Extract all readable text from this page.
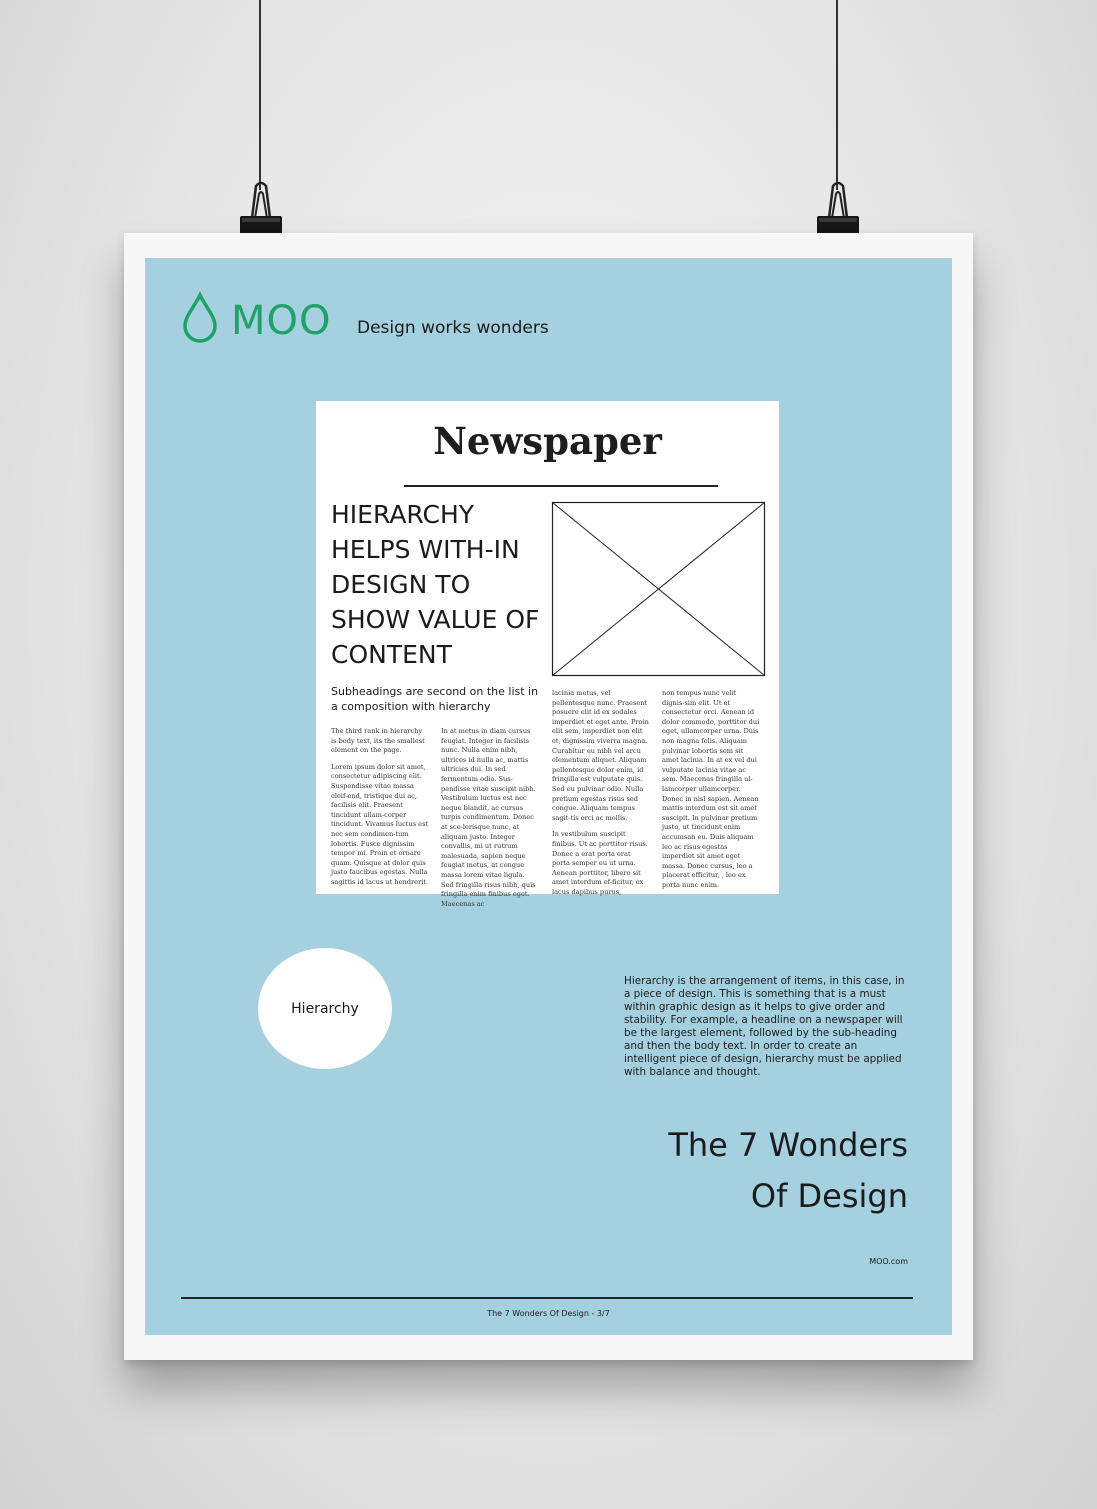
MOO Design works wonders
Newspaper
HIERARCHY HELPS WITH-IN DESIGN TO SHOW VALUE OF CONTENT
Subheadings are second on the list in a composition with hierarchy

The third rank in hierarchy is body text, its the smallest element on the page.

Lorem ipsum dolor sit amet, consectetur adipiscing elit. Suspendisse vitae massa eleif-end, tristique dui ac, facilisis elit. Praesent tincidunt ullam-corper tincidunt. Vivamus luctus est nec sem condimen-tum lobortis. Fusce dignissim tempor mi. Proin et ornare quam. Quisque at dolor quis justo faucibus egestas. Nulla sagittis id lacus ut hendrerit.

In at metus in diam cursus feugiat. Integer in facilisis nunc. Nulla enim nibh, ultrices id nulla ac, mattis ultricies dui. In sed fermentum odio. Sus-pendisse vitae suscipit nibh. Vestibulum luctus est nec neque blandit, ac cursus turpis condimentum. Donec at sce-lerisque nunc, at aliquam justo. Integer convallis, mi ut rutrum malesuada, sapien neque feugiat metus, at congue massa lorem vitae ligula. Sed fringilla risus nibh, quis fringilla enim finibus eget. Maecenas ac

lacinia metus, vel pellentesque nunc. Praesent posuere elit id ex sodales imperdiet et eget ante. Proin elit sem, imperdiet non elit et, dignissim viverra magna. Curabitur eu nibh vel arcu elementum aliquet. Aliquam pellentesque dolor enim, id fringilla est vulputate quis. Sed eu pulvinar odio. Nulla pretium egestas risus sed congue. Aliquam tempus sagit-tis orci ac mollis.

In vestibulum suscipit finibus. Ut ac porttitor risus. Donec a erat porta erat porta semper eu ut urna. Aenean porttitor, libero sit amet interdum ef-ficitur, ex lacus dapibus purus,

non tempus nunc velit dignis-sim elit. Ut et consectetur orci. Aenean id dolor commodo, porttitor dui eget, ullamcorper urna. Duis non magna felis. Aliquam pulvinar lobortis sem sit amet lacinia. In at ex vel dui vulputate lacinia vitae ac sem. Maecenas fringilla ul-lamcorper ullamcorper. Donec in nisl sapien. Aenean mattis interdum est sit amet suscipit. In pulvinar pretium justo, ut tincidunt enim accumsan eu. Duis aliquam leo ac risus egestas imperdiet sit amet eget massa. Donec cursus, leo a placerat efficitur, , leo ex porta nunc enim.

Hierarchy
Hierarchy is the arrangement of items, in this case, in a piece of design. This is something that is a must within graphic design as it helps to give order and stability. For example, a headline on a newspaper will be the largest element, followed by the sub-heading and then the body text. In order to create an intelligent piece of design, hierarchy must be applied with balance and thought.
The 7 Wonders
Of Design
MOO.com
The 7 Wonders Of Design - 3/7
